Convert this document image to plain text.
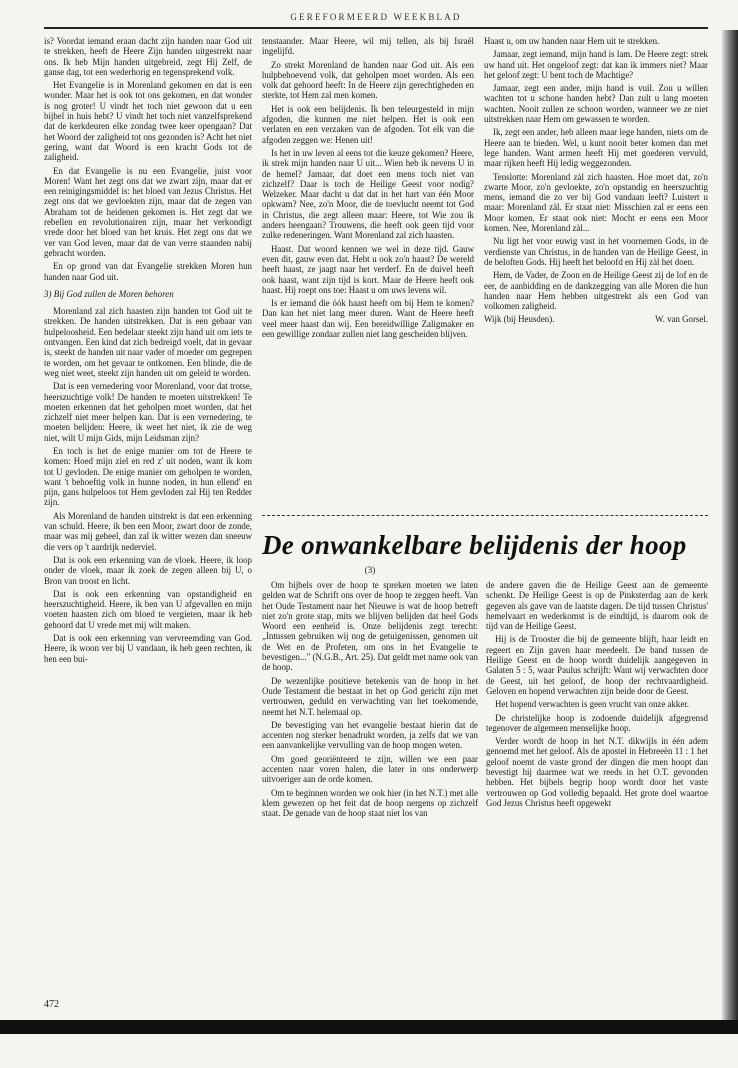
GEREFORMEERD WEEKBLAD

is? Voordat iemand eraan dacht zijn handen naar God uit te strekken, heeft de Heere Zijn handen uitgestrekt naar ons. Ik heb Mijn handen uitgebreid, zegt Hij Zelf, de ganse dag, tot een wederhorig en tegensprekend volk.

Het Evangelie is in Morenland gekomen en dat is een wonder. Maar het is ook tot ons gekomen, en dat wonder is nog groter! U vindt het toch niet gewoon dat u een bijbel in huis hebt? U vindt het toch niet vanzelfsprekend dat de kerkdeuren elke zondag twee keer opengaan? Dat het Woord der zaligheid tot ons gezonden is? Acht het niet gering, want dat Woord is een kracht Gods tot de zaligheid.

En dat Evangelie is nu een Evangelie, juist voor Moren! Want het zegt ons dat we zwart zijn, maar dat er een reinigingsmiddel is: het bloed van Jezus Christus. Het zegt ons dat we gevloekten zijn, maar dat de zegen van Abraham tot de heidenen gekomen is. Het zegt dat we rebellen en revolutionairen zijn, maar het verkondigt vrede door het bloed van het kruis. Het zegt ons dat we ver van God leven, maar dat de van verre staanden nabij gebracht worden.

En op grond van dat Evangelie strekken Moren hun handen naar God uit.

3) Bij God zullen de Moren behoren

Morenland zal zich haasten zijn handen tot God uit te strekken. De handen uitstrekken. Dat is een gebaar van hulpeloosheid. Een bedelaar steekt zijn hand uit om iets te ontvangen. Een kind dat zich bedreigd voelt, dat in gevaar is, steekt de handen uit naar vader of moeder om gegrepen te worden, om het gevaar te ontkomen. Een blinde, die de weg niet weet, steekt zijn handen uit om geleid te worden.

Dat is een vernedering voor Morenland, voor dat trotse, heerszuchtige volk! De handen te moeten uitstrekken! Te moeten erkennen dat het geholpen moet worden, dat het zichzelf niet meer helpen kan. Dat is een vernedering, te moeten belijden: Heere, ik weet het niet, ik zie de weg niet, wilt U mijn Gids, mijn Leidsman zijn?

En toch is het de enige manier om tot de Heere te komen: Hoed mijn ziel en red z' uit noden, want ik kom tot U gevloden. De enige manier om geholpen te worden, want 't behoeftig volk in hunne noden, in hun ellend' en pijn, gans hulpeloos tot Hem gevloden zal Hij ten Redder zijn.

Als Morenland de handen uitstrekt is dat een erkenning van schuld. Heere, ik ben een Moor, zwart door de zonde, maar was mij geheel, dan zal ik witter wezen dan sneeuw die vers op 't aardrijk nederviel.

Dat is ook een erkenning van de vloek. Heere, ik loop onder de vloek, maar ik zoek de zegen alleen bij U, o Bron van troost en licht.

Dat is ook een erkenning van opstandigheid en heerszuchtigheid. Heere, ik ben van U afgevallen en mijn voeten haasten zich om bloed te vergieten, maar ik heb gehoord dat U vrede met mij wilt maken.

Dat is ook een erkenning van vervreemding van God. Heere, ik woon ver bij U vandaan, ik heb geen rechten, ik ben een bui-

tenstaander. Maar Heere, wil mij tellen, als bij Israël ingelijfd.

Zo strekt Morenland de handen naar God uit. Als een hulpbehoevend volk, dat geholpen moet worden. Als een volk dat gehoord heeft: In de Heere zijn gerechtigheden en sterkte, tot Hem zal men komen.

Het is ook een belijdenis. Ik ben teleurgesteld in mijn afgoden, die kunnen me niet helpen. Het is ook een verlaten en een verzaken van de afgoden. Tot elk van die afgoden zeggen we: Henen uit!

Is het in uw leven al eens tot die keuze gekomen? Heere, ik strek mijn handen naar U uit... Wien heb ik nevens U in de hemel? Jamaar, dat doet een mens toch niet van zichzelf? Daar is toch de Heilige Geest voor nodig? Welzeker. Maar dacht u dat dat in het hart van één Moor opkwam? Nee, zo'n Moor, die de toevlucht neemt tot God in Christus, die zegt alleen maar: Heere, tot Wie zou ik anders heengaan? Trouwens, die heeft ook geen tijd voor zulke redeneringen. Want Morenland zal zich haasten.

Haast. Dat woord kennen we wel in deze tijd. Gauw even dit, gauw even dat. Hebt u ook zo'n haast? De wereld heeft haast, ze jaagt naar het verderf. En de duivel heeft ook haast, want zijn tijd is kort. Maar de Heere heeft ook haast. Hij roept ons toe: Haast u om uws levens wil.

Is er iemand die óók haast heeft om bij Hem te komen? Dan kan het niet lang meer duren. Want de Heere heeft veel meer haast dan wij. Een bereidwillige Zaligmaker en een gewillige zondaar zullen niet lang gescheiden blijven.

Haast u, om uw handen naar Hem uit te strekken.

Jamaar, zegt iemand, mijn hand is lam. De Heere zegt: strek uw hand uit. Het ongeloof zegt: dat kan ik immers niet? Maar het geloof zegt: U bent toch de Machtige?

Jamaar, zegt een ander, mijn hand is vuil. Zou u willen wachten tot u schone handen hebt? Dan zult u lang moeten wachten. Nooit zullen ze schoon worden, wanneer we ze niet uitstrekken naar Hem om gewassen te worden.

Ik, zegt een ander, heb alleen maar lege handen, niets om de Heere aan te bieden. Wel, u kunt nooit beter komen dan met lege handen. Want armen heeft Hij met goederen vervuld, maar rijken heeft Hij ledig weggezonden.

Tenslotte: Morenland zàl zich haasten. Hoe moet dat, zo'n zwarte Moor, zo'n gevloekte, zo'n opstandig en heerszuchtig mens, iemand die zo ver bij God vandaan leeft? Luistert u maar: Morenland zàl. Er staat niet: Misschien zal er eens een Moor komen. Er staat ook niet: Mocht er eens een Moor komen. Nee, Morenland zàl...

Nu ligt het voor euwig vast in het voornemen Gods, in de verdienste van Christus, in de handen van de Heilige Geest, in de beloften Gods. Hij heeft het beloofd en Hij zàl het doen.

Hem, de Vader, de Zoon en de Heilige Geest zij de lof en de eer, de aanbidding en de dankzegging van alle Moren die hun handen naar Hem hebben uitgestrekt als een God van volkomen zaligheid.

Wijk (bij Heusden).	W. van Gorsel.
De onwankelbare belijdenis der hoop
(3)

Om bijbels over de hoop te spreken moeten we laten gelden wat de Schrift ons over de hoop te zeggen heeft. Van het Oude Testament naar het Nieuwe is wat de hoop betreft niet zo'n grote stap, mits we blijven belijden dat heel Gods Woord een eenheid is. Onze belijdenis zegt terecht: „Intussen gebruiken wij nog de getuigenissen, genomen uit de Wet en de Profeten, om ons in het Evangelie te bevestigen..." (N.G.B., Art. 25). Dat geldt met name ook van de hoop.

De wezenlijke positieve betekenis van de hoop in het Oude Testament die bestaat in het op God gericht zijn met vertrouwen, geduld en verwachting van het toekomende, neemt het N.T. helemaal op.

De bevestiging van het evangelie bestaat hierin dat de accenten nog sterker benadrukt worden, ja zelfs dat we van een aanvankelijke vervulling van de hoop mogen weten.

Om goed georiënteerd te zijn, willen we een paar accenten naar voren halen, die later in ons onderwerp uitvoeriger aan de orde komen.

Om te beginnen worden we ook hier (in het N.T.) met alle klem gewezen op het feit dat de hoop nergens op zichzelf staat. De genade van de hoop staat niet los van

de andere gaven die de Heilige Geest aan de gemeente schenkt. De Heilige Geest is op de Pinksterdag aan de kerk gegeven als gave van de laatste dagen. De tijd tussen Christus' hemelvaart en wederkomst is de eindtijd, is daarom ook de tijd van de Heilige Geest.

Hij is de Trooster die bij de gemeente blijft, haar leidt en regeert en Zijn gaven haar meedeelt. De band tussen de Heilige Geest en de hoop wordt duidelijk aangegeven in Galaten 5 : 5, waar Paulus schrijft: Want wij verwachten door de Geest, uit het geloof, de hoop der rechtvaardigheid. Geloven en hopend verwachten zijn beide door de Geest.

Het hopend verwachten is geen vrucht van onze akker.

De christelijke hoop is zodoende duidelijk afgegrensd tegenover de algemeen menselijke hoop.

Verder wordt de hoop in het N.T. dikwijls in één adem genoemd met het geloof. Als de apostel in Hebreeën 11 : 1 het geloof noemt de vaste grond der dingen die men hoopt dan bevestigt hij daarmee wat we reeds in het O.T. gevonden hebben. Het bijbels begrip hoop wordt door het vaste vertrouwen op God volledig bepaald. Het grote doel waartoe God Jezus Christus heeft opgewekt

472
